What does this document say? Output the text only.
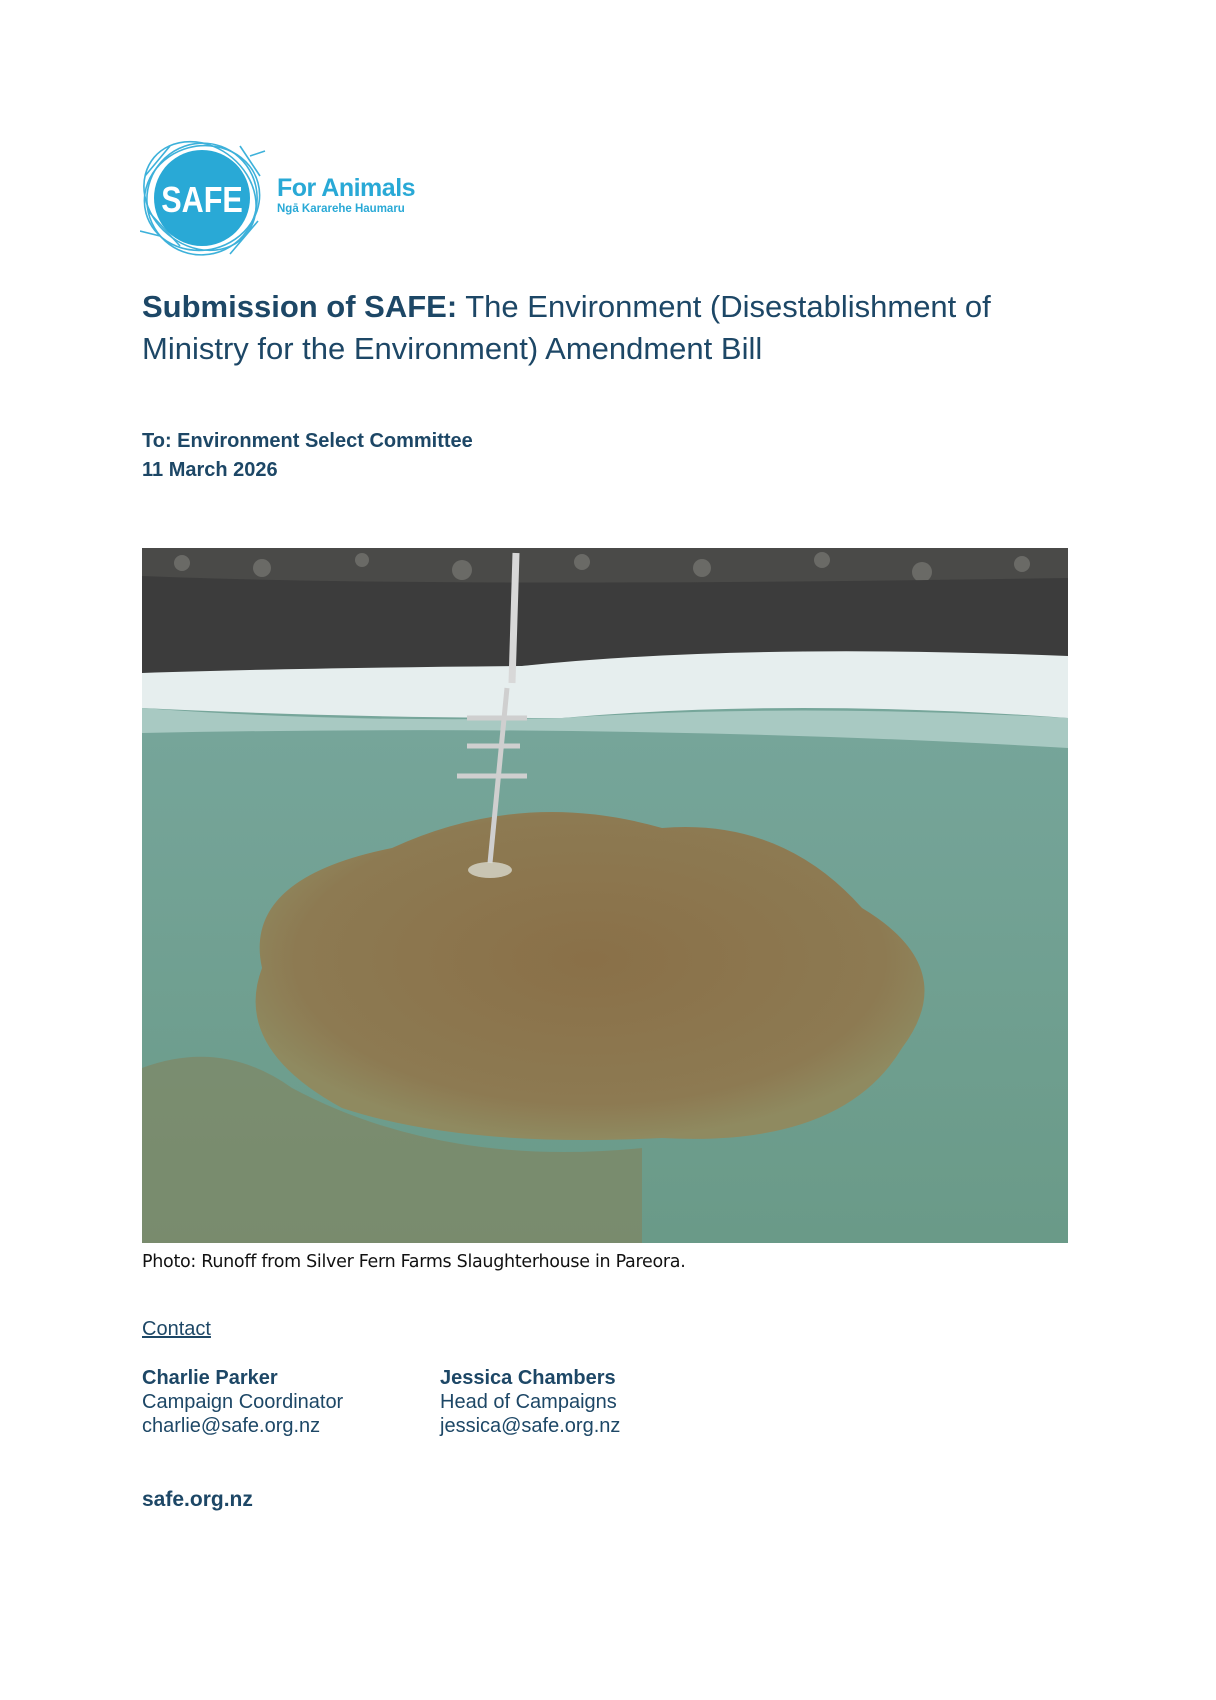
SAFE For Animals
Ngā Kararehe Haumaru
Submission of SAFE: The Environment (Disestablishment of Ministry for the Environment) Amendment Bill
To: Environment Select Committee
11 March 2026
Photo: Runoff from Silver Fern Farms Slaughterhouse in Pareora.
Contact
Charlie Parker
Campaign Coordinator
charlie@safe.org.nz
Jessica Chambers
Head of Campaigns
jessica@safe.org.nz
safe.org.nz
